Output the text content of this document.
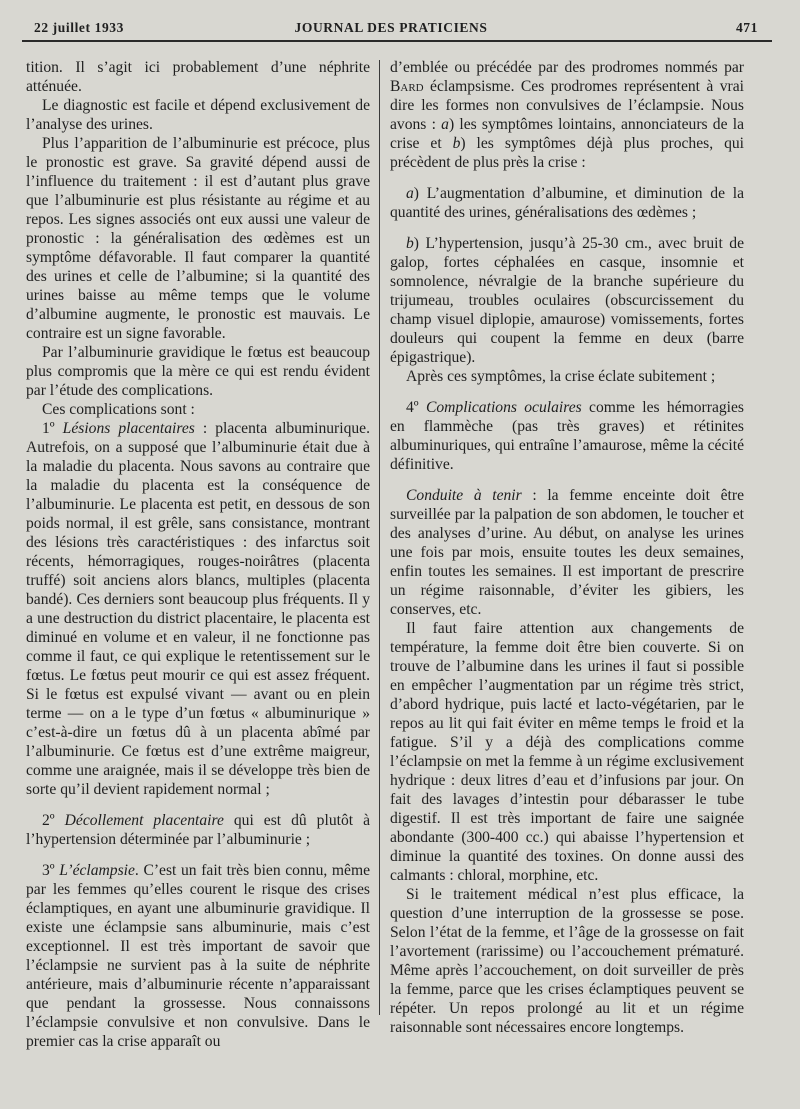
22 juillet 1933	JOURNAL DES PRATICIENS	471

tition. Il s’agit ici probablement d’une néphrite atténuée.

Le diagnostic est facile et dépend exclusivement de l’analyse des urines.

Plus l’apparition de l’albuminurie est précoce, plus le pronostic est grave. Sa gravité dépend aussi de l’influence du traitement : il est d’autant plus grave que l’albuminurie est plus résistante au régime et au repos. Les signes associés ont eux aussi une valeur de pronostic : la généralisation des œdèmes est un symptôme défavorable. Il faut comparer la quantité des urines et celle de l’albumine; si la quantité des urines baisse au même temps que le volume d’albumine augmente, le pronostic est mauvais. Le contraire est un signe favorable.

Par l’albuminurie gravidique le fœtus est beaucoup plus compromis que la mère ce qui est rendu évident par l’étude des complications.

Ces complications sont :

1º Lésions placentaires : placenta albuminurique. Autrefois, on a supposé que l’albuminurie était due à la maladie du placenta. Nous savons au contraire que la maladie du placenta est la conséquence de l’albuminurie. Le placenta est petit, en dessous de son poids normal, il est grêle, sans consistance, montrant des lésions très caractéristiques : des infarctus soit récents, hémorragiques, rouges-noirâtres (placenta truffé) soit anciens alors blancs, multiples (placenta bandé). Ces derniers sont beaucoup plus fréquents. Il y a une destruction du district placentaire, le placenta est diminué en volume et en valeur, il ne fonctionne pas comme il faut, ce qui explique le retentissement sur le fœtus. Le fœtus peut mourir ce qui est assez fréquent. Si le fœtus est expulsé vivant — avant ou en plein terme — on a le type d’un fœtus « albuminurique » c’est-à-dire un fœtus dû à un placenta abîmé par l’albuminurie. Ce fœtus est d’une extrême maigreur, comme une araignée, mais il se développe très bien de sorte qu’il devient rapidement normal ;

2º Décollement placentaire qui est dû plutôt à l’hypertension déterminée par l’albuminurie ;

3º L’éclampsie. C’est un fait très bien connu, même par les femmes qu’elles courent le risque des crises éclamptiques, en ayant une albuminurie gravidique. Il existe une éclampsie sans albuminurie, mais c’est exceptionnel. Il est très important de savoir que l’éclampsie ne survient pas à la suite de néphrite antérieure, mais d’albuminurie récente n’apparaissant que pendant la grossesse. Nous connaissons l’éclampsie convulsive et non convulsive. Dans le premier cas la crise apparaît ou

d’emblée ou précédée par des prodromes nommés par Bard éclampsisme. Ces prodromes représentent à vrai dire les formes non convulsives de l’éclampsie. Nous avons : a) les symptômes lointains, annonciateurs de la crise et b) les symptômes déjà plus proches, qui précèdent de plus près la crise :

a) L’augmentation d’albumine, et diminution de la quantité des urines, généralisations des œdèmes ;

b) L’hypertension, jusqu’à 25-30 cm., avec bruit de galop, fortes céphalées en casque, insomnie et somnolence, névralgie de la branche supérieure du trijumeau, troubles oculaires (obscurcissement du champ visuel diplopie, amaurose) vomissements, fortes douleurs qui coupent la femme en deux (barre épigastrique).

Après ces symptômes, la crise éclate subitement ;

4º Complications oculaires comme les hémorragies en flammèche (pas très graves) et rétinites albuminuriques, qui entraîne l’amaurose, même la cécité définitive.

Conduite à tenir : la femme enceinte doit être surveillée par la palpation de son abdomen, le toucher et des analyses d’urine. Au début, on analyse les urines une fois par mois, ensuite toutes les deux semaines, enfin toutes les semaines. Il est important de prescrire un régime raisonnable, d’éviter les gibiers, les conserves, etc.

Il faut faire attention aux changements de température, la femme doit être bien couverte. Si on trouve de l’albumine dans les urines il faut si possible en empêcher l’augmentation par un régime très strict, d’abord hydrique, puis lacté et lacto-végétarien, par le repos au lit qui fait éviter en même temps le froid et la fatigue. S’il y a déjà des complications comme l’éclampsie on met la femme à un régime exclusivement hydrique : deux litres d’eau et d’infusions par jour. On fait des lavages d’intestin pour débarasser le tube digestif. Il est très important de faire une saignée abondante (300-400 cc.) qui abaisse l’hypertension et diminue la quantité des toxines. On donne aussi des calmants : chloral, morphine, etc.

Si le traitement médical n’est plus efficace, la question d’une interruption de la grossesse se pose. Selon l’état de la femme, et l’âge de la grossesse on fait l’avortement (rarissime) ou l’accouchement prématuré. Même après l’accouchement, on doit surveiller de près la femme, parce que les crises éclamptiques peuvent se répéter. Un repos prolongé au lit et un régime raisonnable sont nécessaires encore longtemps.
